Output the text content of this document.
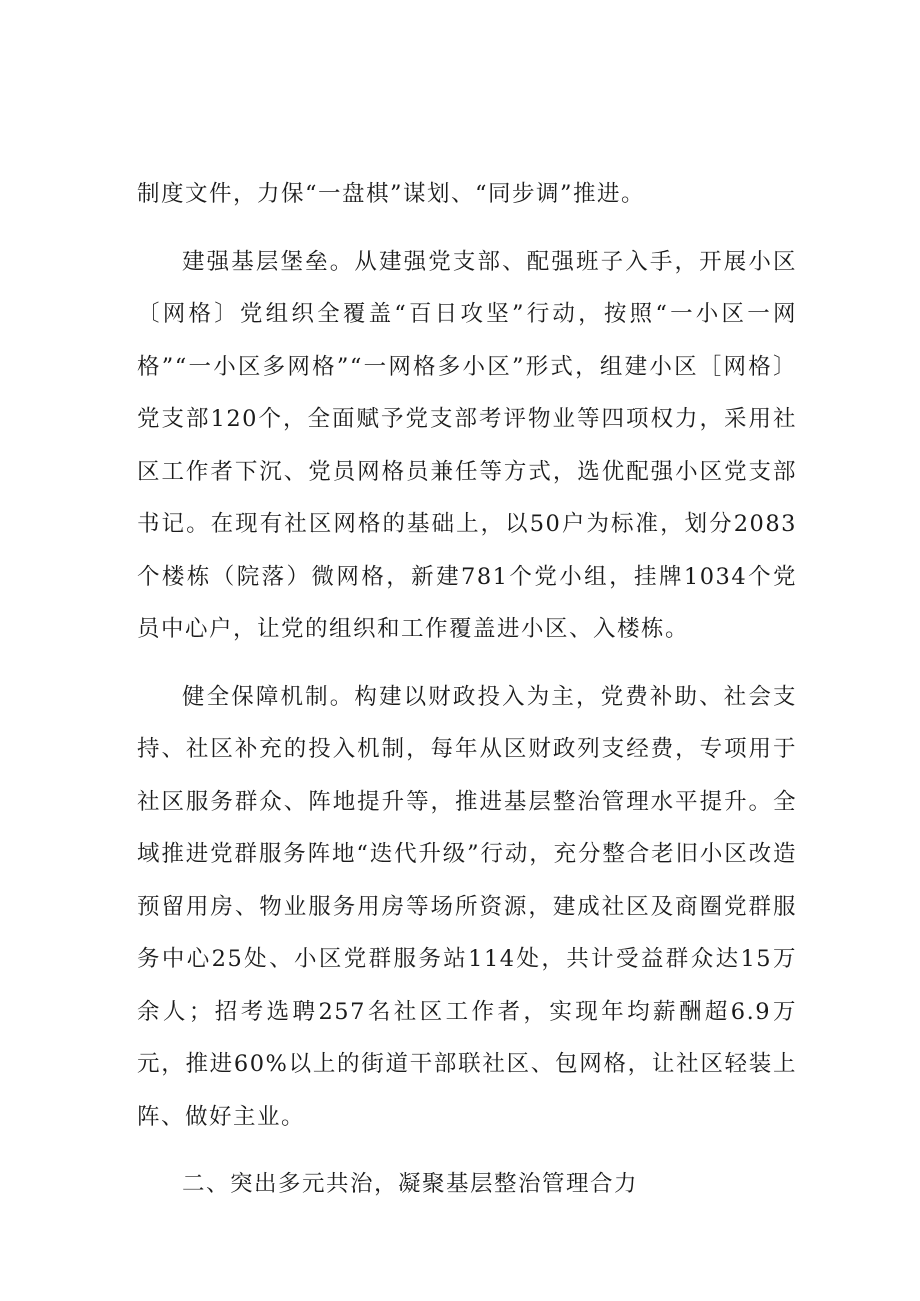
制度文件，力保“一盘棋”谋划、“同步调”推进。

建强基层堡垒。从建强党支部、配强班子入手，开展小区〔网格〕党组织全覆盖“百日攻坚”行动，按照“一小区一网格”“一小区多网格”“一网格多小区”形式，组建小区［网格〕党支部120个，全面赋予党支部考评物业等四项权力，采用社区工作者下沉、党员网格员兼任等方式，选优配强小区党支部书记。在现有社区网格的基础上，以50户为标准，划分2083个楼栋（院落）微网格，新建781个党小组，挂牌1034个党员中心户，让党的组织和工作覆盖进小区、入楼栋。

健全保障机制。构建以财政投入为主，党费补助、社会支持、社区补充的投入机制，每年从区财政列支经费，专项用于社区服务群众、阵地提升等，推进基层整治管理水平提升。全域推进党群服务阵地“迭代升级”行动，充分整合老旧小区改造预留用房、物业服务用房等场所资源，建成社区及商圈党群服务中心25处、小区党群服务站114处，共计受益群众达15万余人；招考选聘257名社区工作者，实现年均薪酬超6.9万元，推进60%以上的街道干部联社区、包网格，让社区轻装上阵、做好主业。

二、突出多元共治，凝聚基层整治管理合力
